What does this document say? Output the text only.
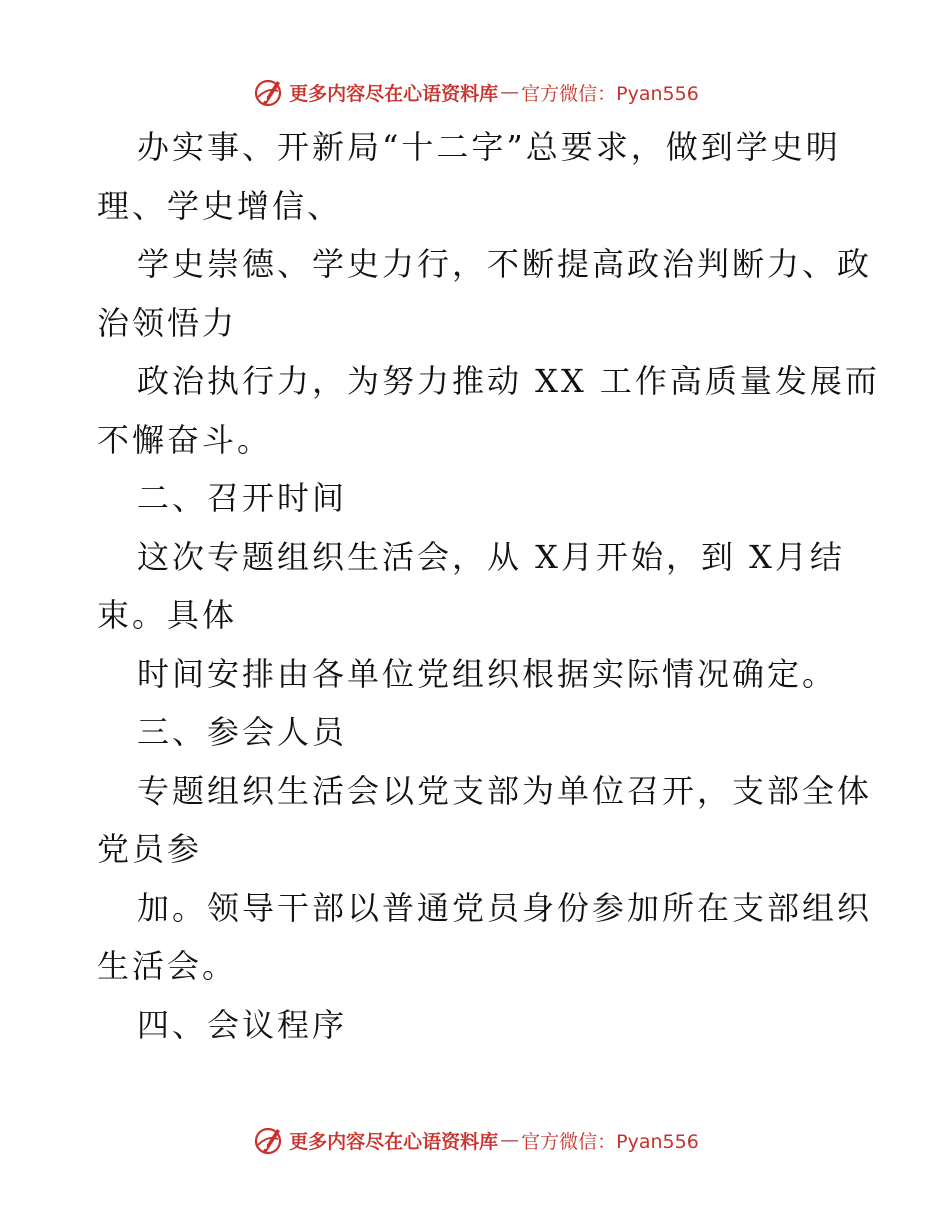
更多内容尽在心语资料库 — 官方微信：Pyan556
办实事、开新局“十二字”总要求，做到学史明
理、学史增信、
学史崇德、学史力行，不断提高政治判断力、政
治领悟力
政治执行力，为努力推动 XX 工作高质量发展而
不懈奋斗。
二、召开时间
这次专题组织生活会，从 X月开始，到 X月结
束。具体
时间安排由各单位党组织根据实际情况确定。
三、参会人员
专题组织生活会以党支部为单位召开，支部全体
党员参
加。领导干部以普通党员身份参加所在支部组织
生活会。
四、会议程序
更多内容尽在心语资料库 — 官方微信：Pyan556
